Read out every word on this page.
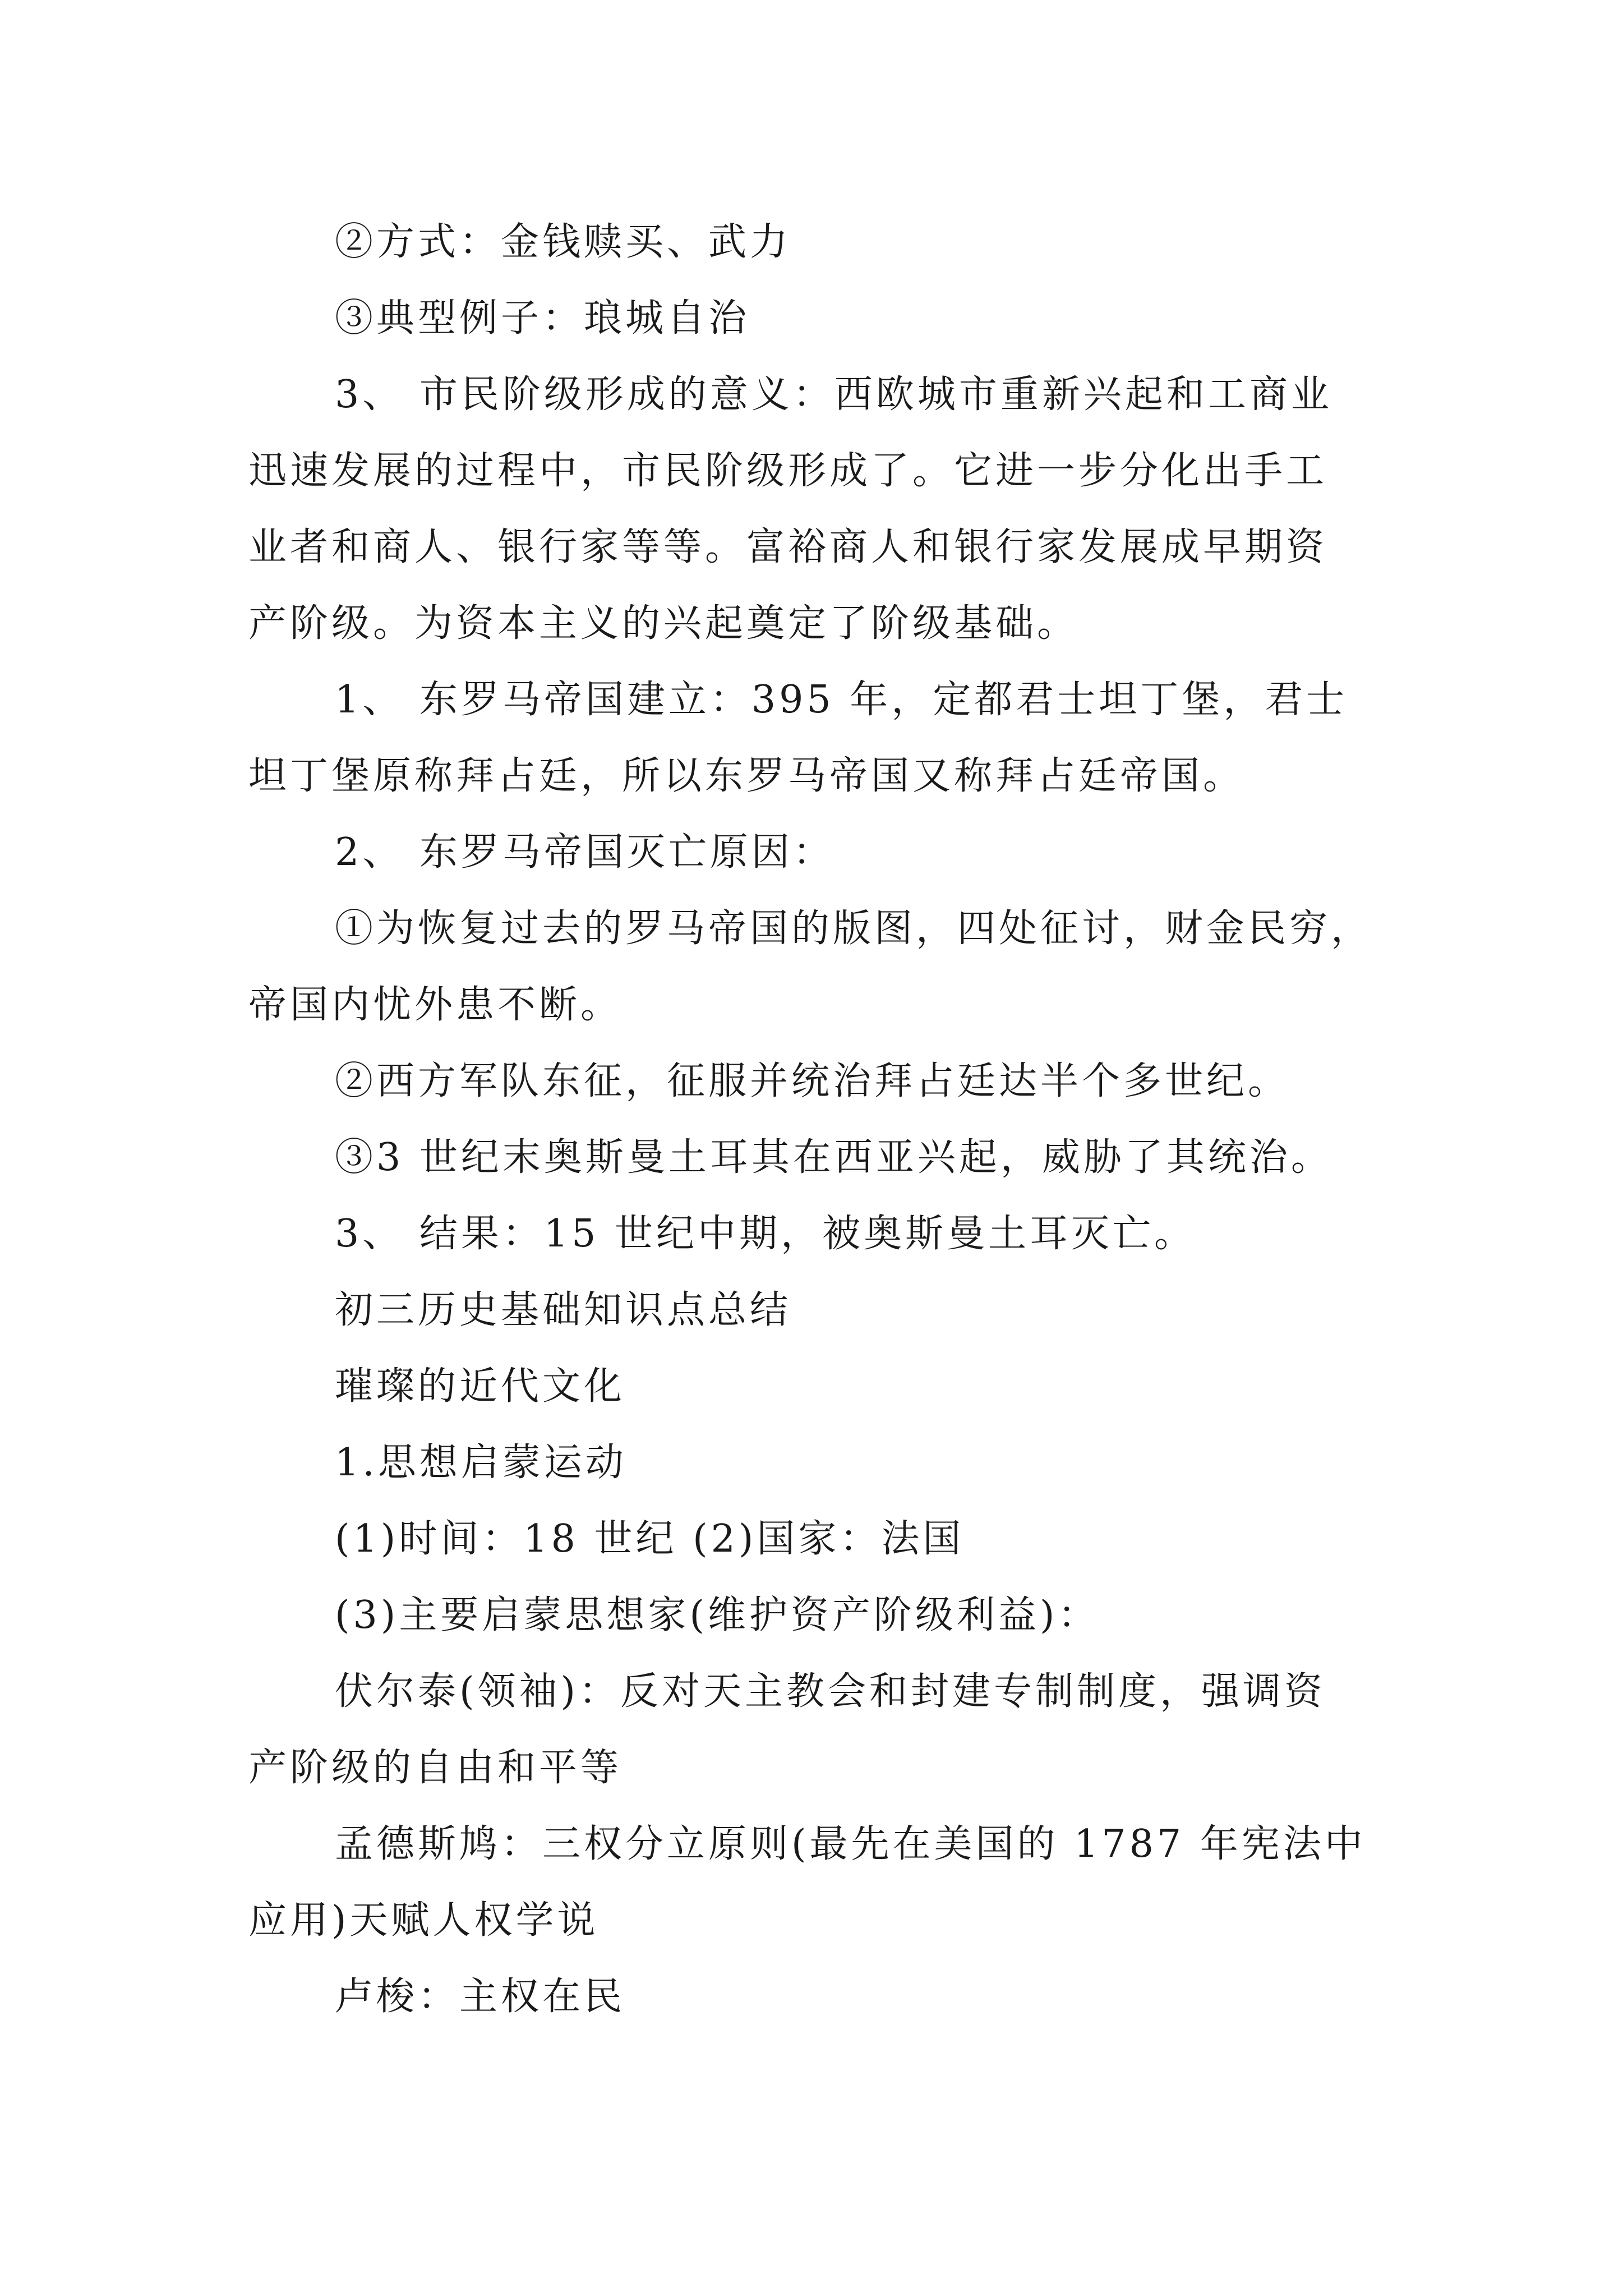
②方式：金钱赎买、武力
③典型例子：琅城自治
3、 市民阶级形成的意义：西欧城市重新兴起和工商业
迅速发展的过程中，市民阶级形成了。它进一步分化出手工
业者和商人、银行家等等。富裕商人和银行家发展成早期资
产阶级。为资本主义的兴起奠定了阶级基础。
1、 东罗马帝国建立：395 年，定都君士坦丁堡，君士
坦丁堡原称拜占廷，所以东罗马帝国又称拜占廷帝国。
2、 东罗马帝国灭亡原因：
①为恢复过去的罗马帝国的版图，四处征讨，财金民穷，
帝国内忧外患不断。
②西方军队东征，征服并统治拜占廷达半个多世纪。
③3 世纪末奥斯曼土耳其在西亚兴起，威胁了其统治。
3、 结果：15 世纪中期，被奥斯曼土耳灭亡。
初三历史基础知识点总结
璀璨的近代文化
1.思想启蒙运动
(1)时间：18 世纪 (2)国家：法国
(3)主要启蒙思想家(维护资产阶级利益)：
伏尔泰(领袖)：反对天主教会和封建专制制度，强调资
产阶级的自由和平等
孟德斯鸠：三权分立原则(最先在美国的 1787 年宪法中
应用)天赋人权学说
卢梭：主权在民
